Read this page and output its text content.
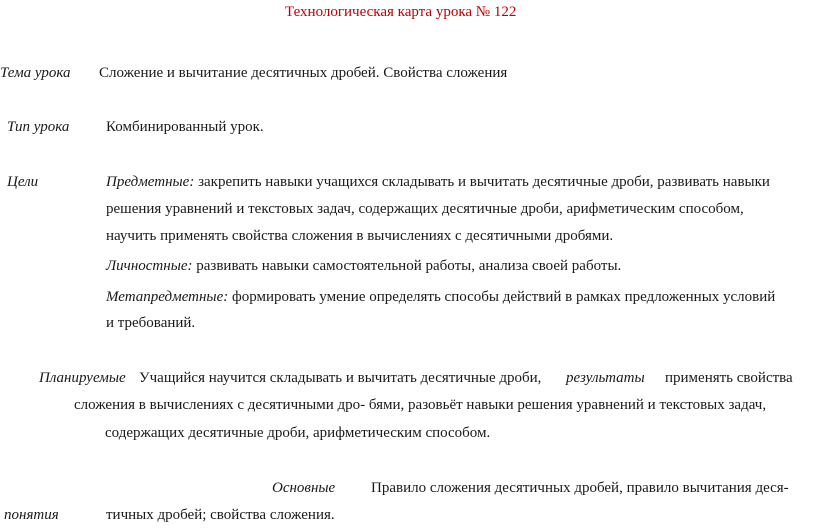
Технологическая карта урока № 122
Тема урока Сложение и вычитание десятичных дробей. Свойства сложения
Тип урока Комбинированный урок.
Цели	Предметные: закрепить навыки учащихся складывать и вычитать десятичные дроби, развивать навыки
решения уравнений и текстовых задач, содержащих десятичные дроби, арифметическим способом,
научить применять свойства сложения в вычислениях с десятичными дробями.
Личностные: развивать навыки самостоятельной работы, анализа своей работы.
Метапредметные: формировать умение определять способы действий в рамках предложенных условий
и требований.
Планируемые Учащийся научится складывать и вычитать десятичные дроби, результаты применять свойства
сложения в вычислениях с десятичными дро- бями, разовьёт навыки решения уравнений и текстовых задач,
содержащих десятичные дроби, арифметическим способом.
Основные Правило сложения десятичных дробей, правило вычитания деся-
понятия	тичных дробей; свойства сложения.
